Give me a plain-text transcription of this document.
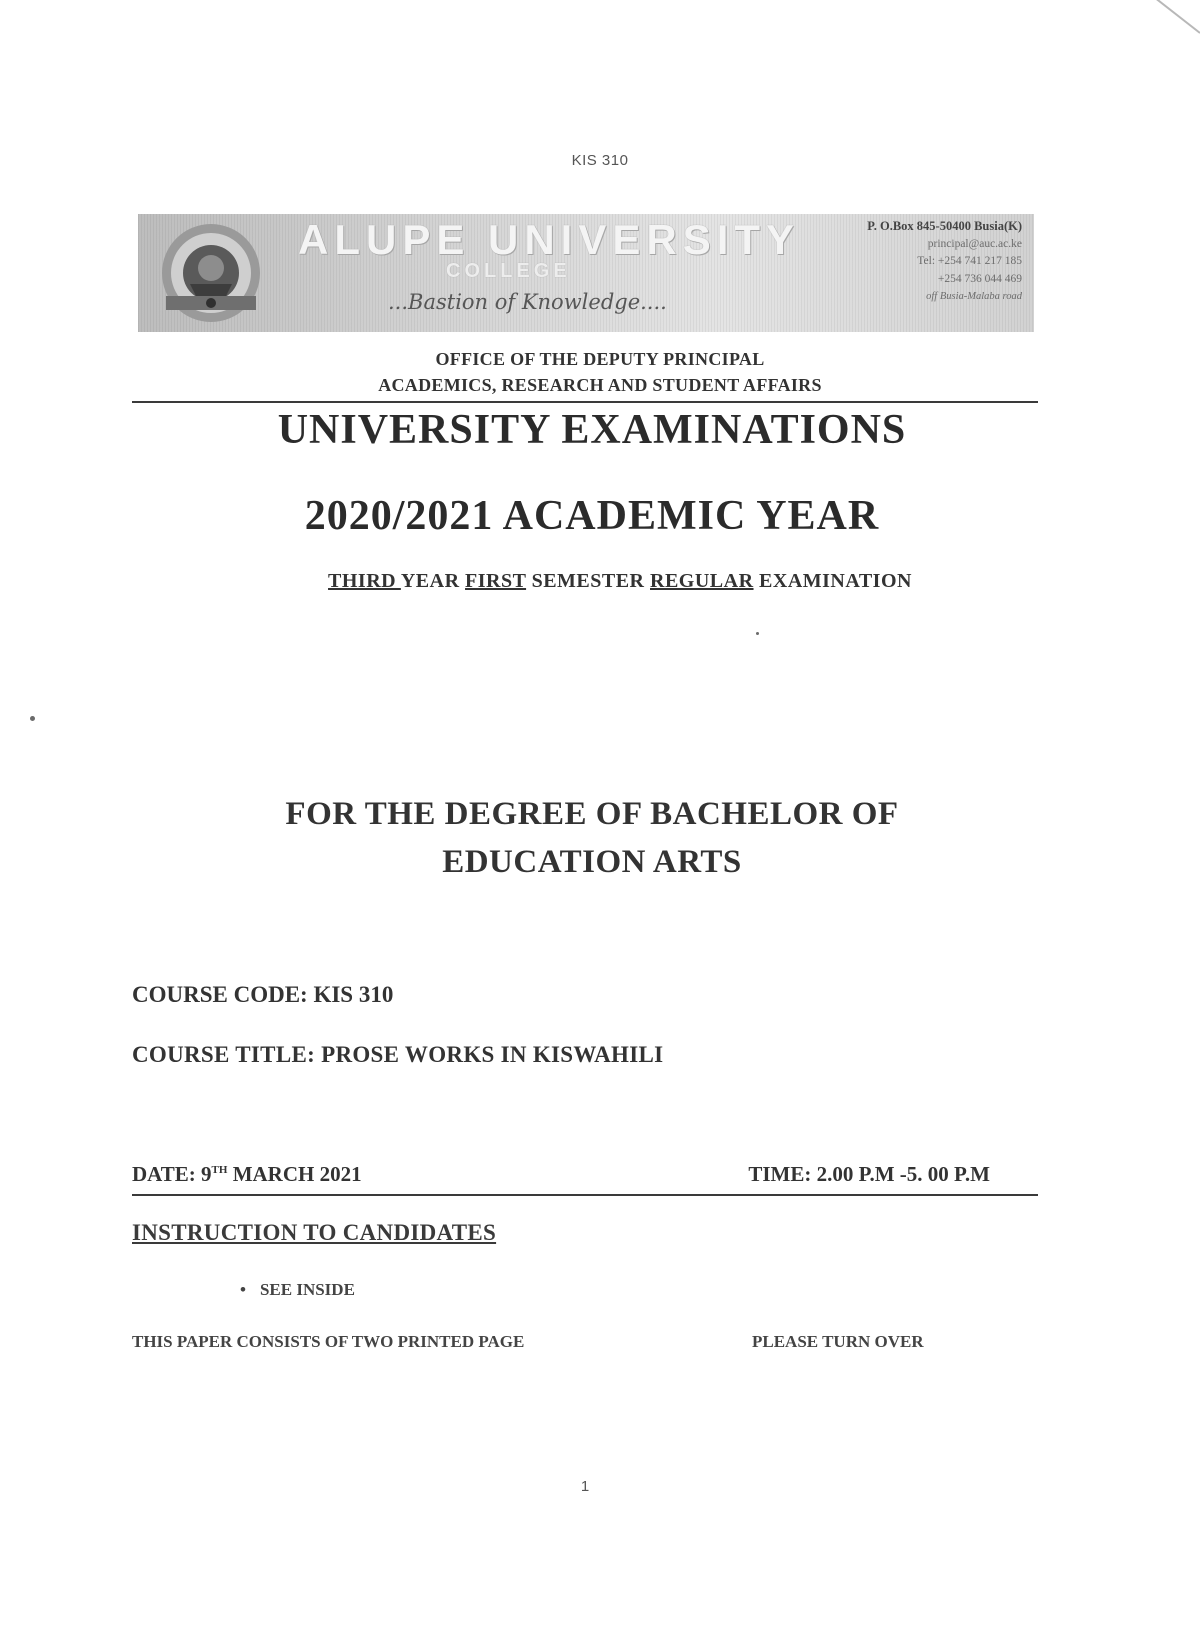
KIS 310
ALUPE UNIVERSITY
COLLEGE
...Bastion of Knowledge....
P. O.Box 845-50400 Busia(K)
principal@auc.ac.ke
Tel: +254 741 217 185
+254 736 044 469
off Busia-Malaba road
OFFICE OF THE DEPUTY PRINCIPAL
ACADEMICS, RESEARCH AND STUDENT AFFAIRS
UNIVERSITY EXAMINATIONS
2020/2021 ACADEMIC YEAR
THIRD YEAR FIRST SEMESTER REGULAR EXAMINATION
FOR THE DEGREE OF BACHELOR OF
EDUCATION ARTS
COURSE CODE: KIS 310
COURSE TITLE: PROSE WORKS IN KISWAHILI
DATE: 9TH MARCH 2021	TIME: 2.00 P.M -5. 00 P.M
INSTRUCTION TO CANDIDATES
• SEE INSIDE
THIS PAPER CONSISTS OF TWO PRINTED PAGE	PLEASE TURN OVER
1
